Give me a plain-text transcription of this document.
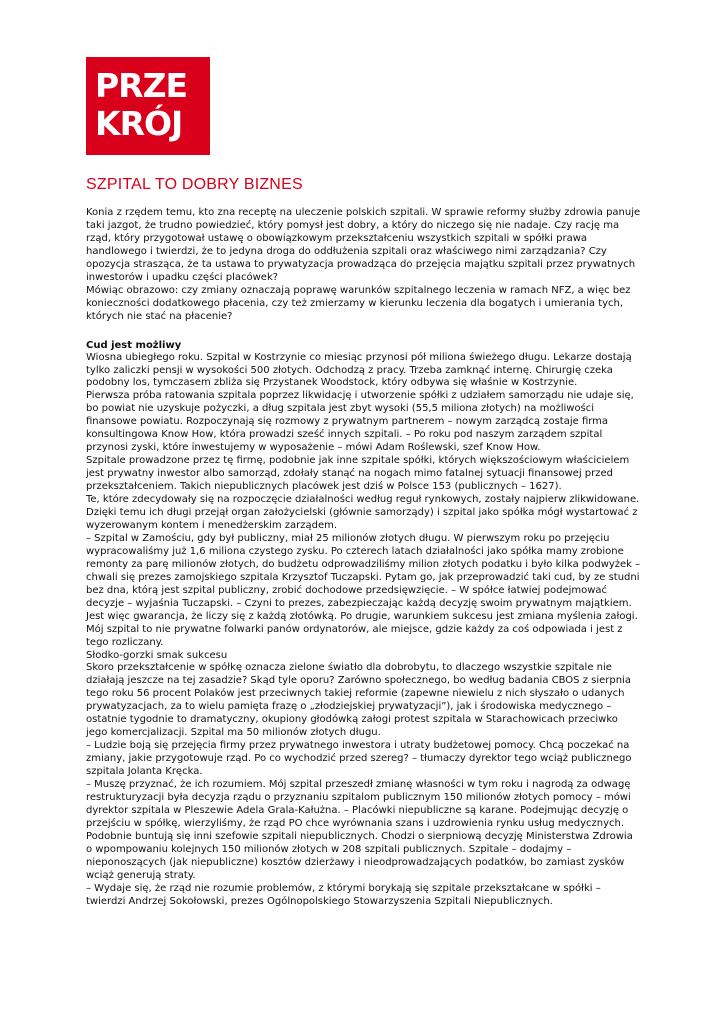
PRZE
KRÓJ
SZPITAL TO DOBRY BIZNES

Konia z rzędem temu, kto zna receptę na uleczenie polskich szpitali. W sprawie reformy służby zdrowia panuje taki jazgot, że trudno powiedzieć, który pomysł jest dobry, a który do niczego się nie nadaje. Czy rację ma rząd, który przygotował ustawę o obowiązkowym przekształceniu wszystkich szpitali w spółki prawa handlowego i twierdzi, że to jedyna droga do oddłużenia szpitali oraz właściwego nimi zarządzania? Czy opozycja strasząca, że ta ustawa to prywatyzacja prowadząca do przejęcia majątku szpitali przez prywatnych inwestorów i upadku części placówek?

Mówiąc obrazowo: czy zmiany oznaczają poprawę warunków szpitalnego leczenia w ramach NFZ, a więc bez konieczności dodatkowego płacenia, czy też zmierzamy w kierunku leczenia dla bogatych i umierania tych, których nie stać na płacenie?

Cud jest możliwy

Wiosna ubiegłego roku. Szpital w Kostrzynie co miesiąc przynosi pół miliona świeżego długu. Lekarze dostają tylko zaliczki pensji w wysokości 500 złotych. Odchodzą z pracy. Trzeba zamknąć internę. Chirurgię czeka podobny los, tymczasem zbliża się Przystanek Woodstock, który odbywa się właśnie w Kostrzynie.

Pierwsza próba ratowania szpitala poprzez likwidację i utworzenie spółki z udziałem samorządu nie udaje się, bo powiat nie uzyskuje pożyczki, a dług szpitala jest zbyt wysoki (55,5 miliona złotych) na możliwości finansowe powiatu. Rozpoczynają się rozmowy z prywatnym partnerem – nowym zarządcą zostaje firma konsultingowa Know How, która prowadzi sześć innych szpitali. – Po roku pod naszym zarządem szpital przynosi zyski, które inwestujemy w wyposażenie – mówi Adam Roślewski, szef Know How.

Szpitale prowadzone przez tę firmę, podobnie jak inne szpitale spółki, których większościowym właścicielem jest prywatny inwestor albo samorząd, zdołały stanąć na nogach mimo fatalnej sytuacji finansowej przed przekształceniem. Takich niepublicznych placówek jest dziś w Polsce 153 (publicznych – 1627).

Te, które zdecydowały się na rozpoczęcie działalności według reguł rynkowych, zostały najpierw zlikwidowane. Dzięki temu ich długi przejął organ założycielski (głównie samorządy) i szpital jako spółka mógł wystartować z wyzerowanym kontem i menedżerskim zarządem.

– Szpital w Zamościu, gdy był publiczny, miał 25 milionów złotych długu. W pierwszym roku po przejęciu wypracowaliśmy już 1,6 miliona czystego zysku. Po czterech latach działalności jako spółka mamy zrobione remonty za parę milionów złotych, do budżetu odprowadziliśmy milion złotych podatku i było kilka podwyżek – chwali się prezes zamojskiego szpitala Krzysztof Tuczapski. Pytam go, jak przeprowadzić taki cud, by ze studni bez dna, którą jest szpital publiczny, zrobić dochodowe przedsięwzięcie. – W spółce łatwiej podejmować decyzje – wyjaśnia Tuczapski. – Czyni to prezes, zabezpieczając każdą decyzję swoim prywatnym majątkiem. Jest więc gwarancja, że liczy się z każdą złotówką. Po drugie, warunkiem sukcesu jest zmiana myślenia załogi. Mój szpital to nie prywatne folwarki panów ordynatorów, ale miejsce, gdzie każdy za coś odpowiada i jest z tego rozliczany.

Słodko-gorzki smak sukcesu

Skoro przekształcenie w spółkę oznacza zielone światło dla dobrobytu, to dlaczego wszystkie szpitale nie działają jeszcze na tej zasadzie? Skąd tyle oporu? Zarówno społecznego, bo według badania CBOS z sierpnia tego roku 56 procent Polaków jest przeciwnych takiej reformie (zapewne niewielu z nich słyszało o udanych prywatyzacjach, za to wielu pamięta frazę o „złodziejskiej prywatyzacji”), jak i środowiska medycznego – ostatnie tygodnie to dramatyczny, okupiony głodówką załogi protest szpitala w Starachowicach przeciwko jego komercjalizacji. Szpital ma 50 milionów złotych długu.

– Ludzie boją się przejęcia firmy przez prywatnego inwestora i utraty budżetowej pomocy. Chcą poczekać na zmiany, jakie przygotowuje rząd. Po co wychodzić przed szereg? – tłumaczy dyrektor tego wciąż publicznego szpitala Jolanta Kręcka.

– Muszę przyznać, że ich rozumiem. Mój szpital przeszedł zmianę własności w tym roku i nagrodą za odwagę restrukturyzacji była decyzja rządu o przyznaniu szpitalom publicznym 150 milionów złotych pomocy – mówi dyrektor szpitala w Pleszewie Adela Grala-Kałużna. – Placówki niepubliczne są karane. Podejmując decyzję o przejściu w spółkę, wierzyliśmy, że rząd PO chce wyrównania szans i uzdrowienia rynku usług medycznych.

Podobnie buntują się inni szefowie szpitali niepublicznych. Chodzi o sierpniową decyzję Ministerstwa Zdrowia o wpompowaniu kolejnych 150 milionów złotych w 208 szpitali publicznych. Szpitale – dodajmy – nieponoszących (jak niepubliczne) kosztów dzierżawy i nieodprowadzających podatków, bo zamiast zysków wciąż generują straty.

– Wydaje się, że rząd nie rozumie problemów, z którymi borykają się szpitale przekształcane w spółki – twierdzi Andrzej Sokołowski, prezes Ogólnopolskiego Stowarzyszenia Szpitali Niepublicznych.
